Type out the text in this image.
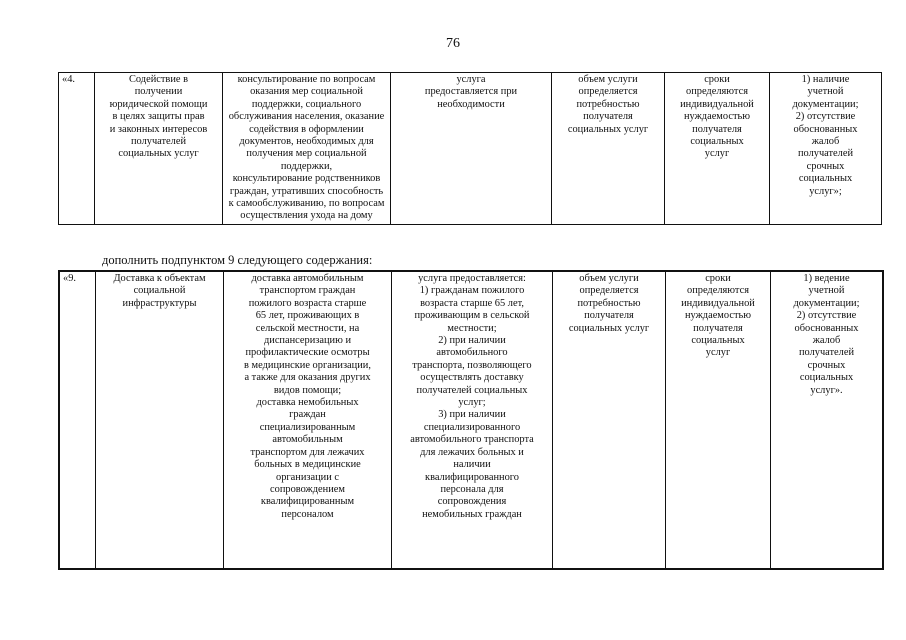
76
«4.	Содействие в
получении
юридической помощи
в целях защиты прав
и законных интересов
получателей
социальных услуг	консультирование по вопросам
оказания мер социальной
поддержки, социального
обслуживания населения, оказание
содействия в оформлении
документов, необходимых для
получения мер социальной
поддержки,
консультирование родственников
граждан, утративших способность
к самообслуживанию, по вопросам
осуществления ухода на дому	услуга
предоставляется при
необходимости	объем услуги
определяется
потребностью
получателя
социальных услуг	сроки
определяются
индивидуальной
нуждаемостью
получателя
социальных
услуг	1) наличие
учетной
документации;
2) отсутствие
обоснованных
жалоб
получателей
срочных
социальных
услуг»;
дополнить подпунктом 9 следующего содержания:
«9.	Доставка к объектам
социальной
инфраструктуры	доставка автомобильным
транспортом граждан
пожилого возраста старше
65 лет, проживающих в
сельской местности, на
диспансеризацию и
профилактические осмотры
в медицинские организации,
а также для оказания других
видов помощи;
доставка немобильных
граждан
специализированным
автомобильным
транспортом для лежачих
больных в медицинские
организации с
сопровождением
квалифицированным
персоналом	услуга предоставляется:
1) гражданам пожилого
возраста старше 65 лет,
проживающим в сельской
местности;
2) при наличии
автомобильного
транспорта, позволяющего
осуществлять доставку
получателей социальных
услуг;
3) при наличии
специализированного
автомобильного транспорта
для лежачих больных и
наличии
квалифицированного
персонала для
сопровождения
немобильных граждан	объем услуги
определяется
потребностью
получателя
социальных услуг	сроки
определяются
индивидуальной
нуждаемостью
получателя
социальных
услуг	1) ведение
учетной
документации;
2) отсутствие
обоснованных
жалоб
получателей
срочных
социальных
услуг».
